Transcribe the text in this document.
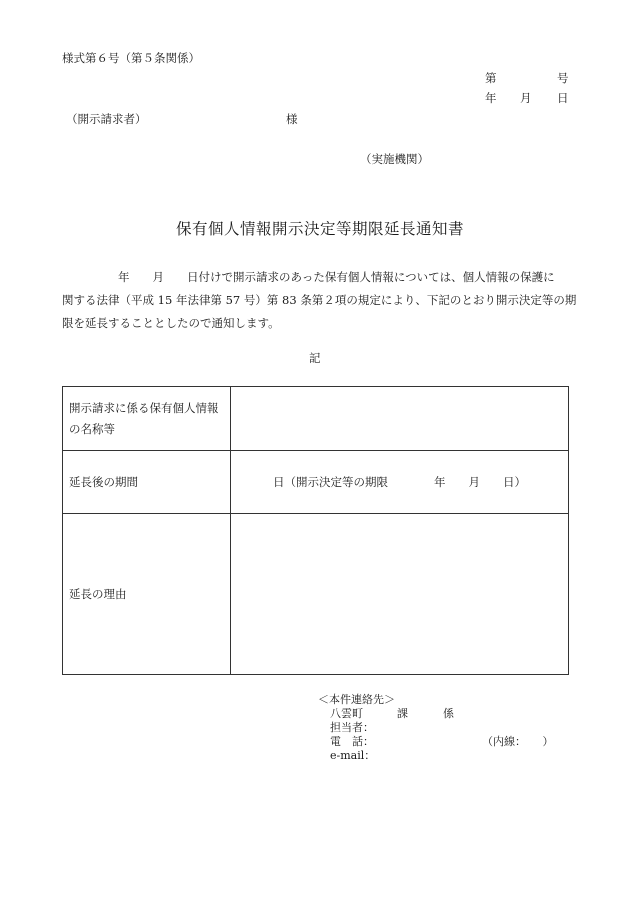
様式第６号（第５条関係）
第	号
年 月 日
（開示請求者）	様
（実施機関）
保有個人情報開示決定等期限延長通知書
年　　月　　日付けで開示請求のあった保有個人情報については、個人情報の保護に
関する法律（平成 15 年法律第 57 号）第 83 条第２項の規定により、下記のとおり開示決定等の期
限を延長することとしたので通知します。
記
開示請求に係る保有個人情報
の名称等	

延長後の期間	日（開示決定等の期限　　　　年　　月　　日）
延長の理由	
＜本件連絡先＞
八雲町	課	係
担当者：
電　話：	（内線：　　）
e-mail：
